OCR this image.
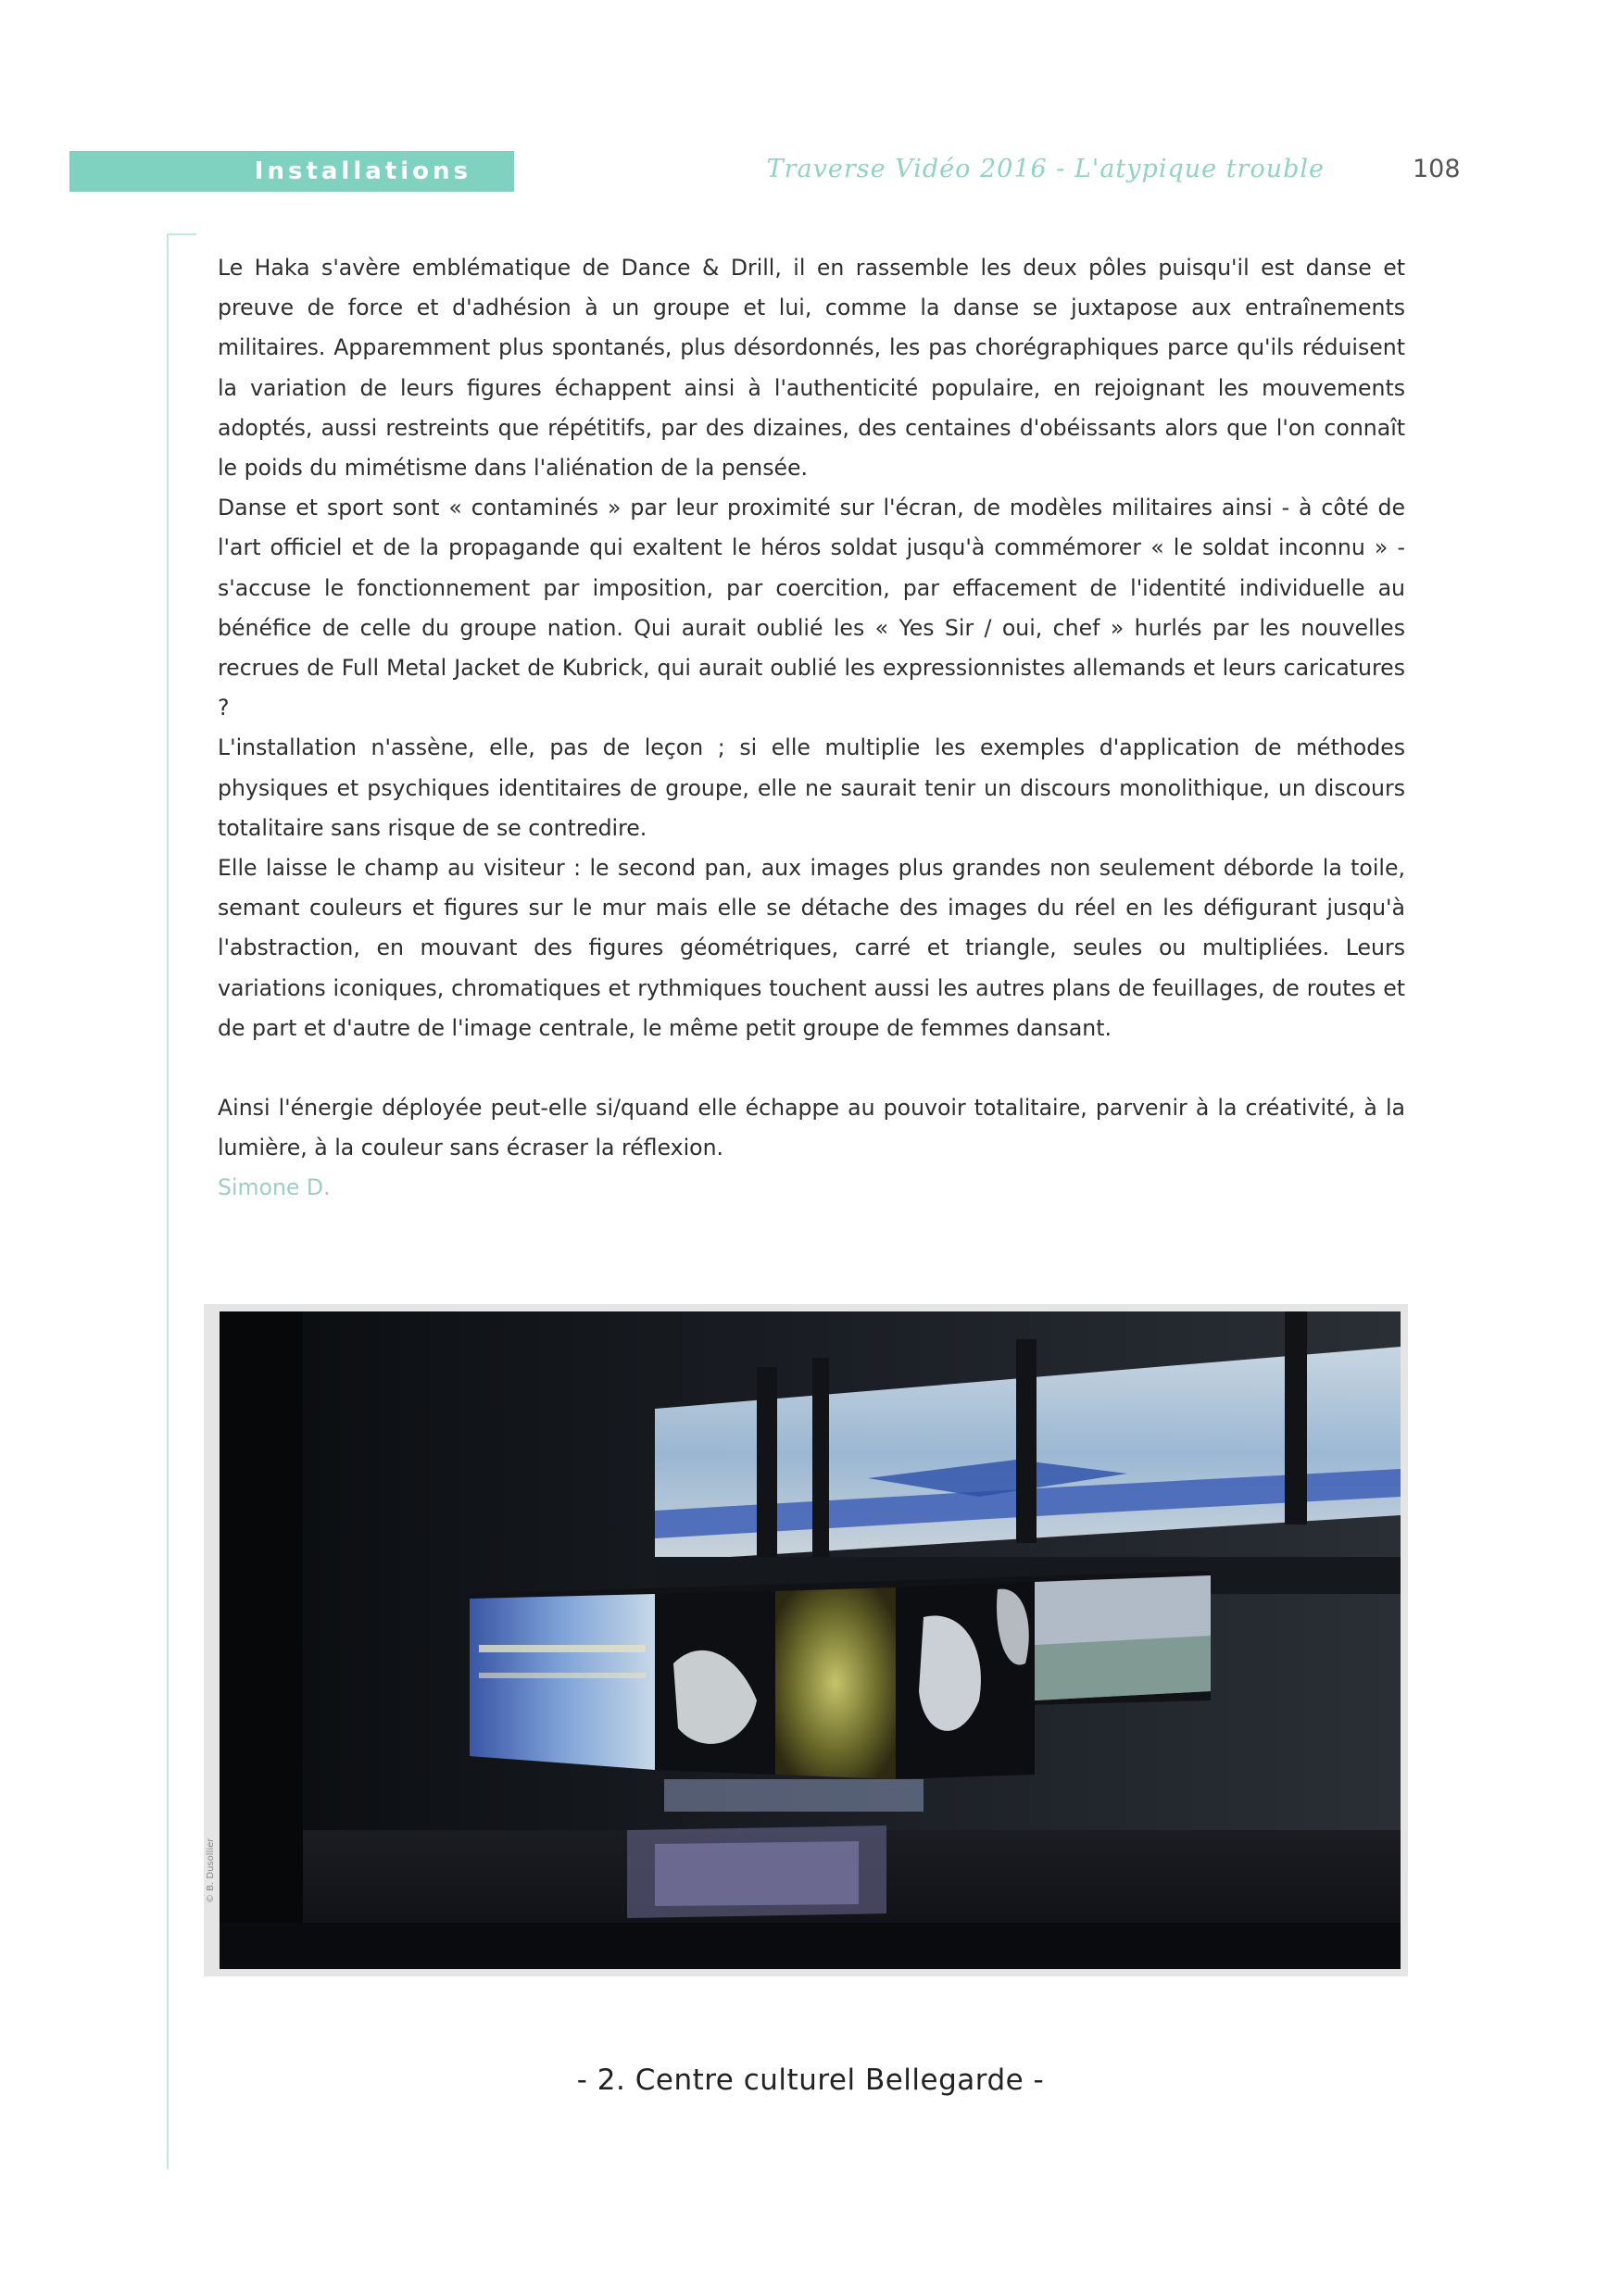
Installations	Traverse Vidéo 2016 - L'atypique trouble	108

Le Haka s'avère emblématique de Dance & Drill, il en rassemble les deux pôles puisqu'il est danse et preuve de force et d'adhésion à un groupe et lui, comme la danse se juxtapose aux entraînements militaires. Apparemment plus spontanés, plus désordonnés, les pas chorégraphiques parce qu'ils réduisent la variation de leurs figures échappent ainsi à l'authenticité populaire, en rejoignant les mouvements adoptés, aussi restreints que répétitifs, par des dizaines, des centaines d'obéissants alors que l'on connaît le poids du mimétisme dans l'aliénation de la pensée.

Danse et sport sont « contaminés » par leur proximité sur l'écran, de modèles militaires ainsi - à côté de l'art officiel et de la propagande qui exaltent le héros soldat jusqu'à commémorer « le soldat inconnu » - s'accuse le fonctionnement par imposition, par coercition, par effacement de l'identité individuelle au bénéfice de celle du groupe nation. Qui aurait oublié les « Yes Sir / oui, chef » hurlés par les nouvelles recrues de Full Metal Jacket de Kubrick, qui aurait oublié les expressionnistes allemands et leurs caricatures ?

L'installation n'assène, elle, pas de leçon ; si elle multiplie les exemples d'application de méthodes physiques et psychiques identitaires de groupe, elle ne saurait tenir un discours monolithique, un discours totalitaire sans risque de se contredire.

Elle laisse le champ au visiteur : le second pan, aux images plus grandes non seulement déborde la toile, semant couleurs et figures sur le mur mais elle se détache des images du réel en les défigurant jusqu'à l'abstraction, en mouvant des figures géométriques, carré et triangle, seules ou multipliées. Leurs variations iconiques, chromatiques et rythmiques touchent aussi les autres plans de feuillages, de routes et de part et d'autre de l'image centrale, le même petit groupe de femmes dansant.

Ainsi l'énergie déployée peut-elle si/quand elle échappe au pouvoir totalitaire, parvenir à la créativité, à la lumière, à la couleur sans écraser la réflexion.

Simone D.

© B. Dusollier
- 2. Centre culturel Bellegarde -
